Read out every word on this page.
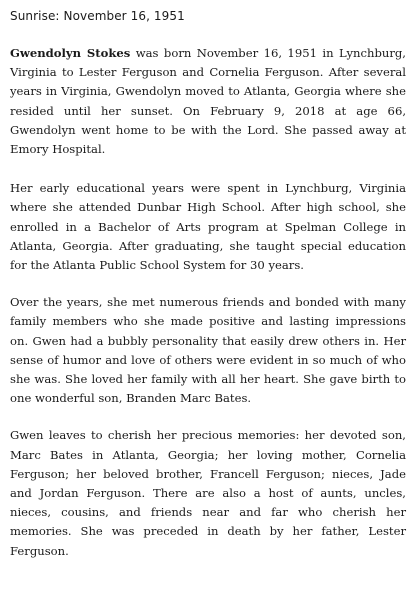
Sunrise: November 16, 1951

Gwendolyn Stokes was born November 16, 1951 in Lynchburg, Virginia to Lester Ferguson and Cornelia Ferguson. After several years in Virginia, Gwendolyn moved to Atlanta, Georgia where she resided until her sunset. On February 9, 2018 at age 66, Gwendolyn went home to be with the Lord. She passed away at Emory Hospital.

Her early educational years were spent in Lynchburg, Virginia where she attended Dunbar High School. After high school, she enrolled in a Bachelor of Arts program at Spelman College in Atlanta, Georgia. After graduating, she taught special education for the Atlanta Public School System for 30 years.

Over the years, she met numerous friends and bonded with many family members who she made positive and lasting impressions on. Gwen had a bubbly personality that easily drew others in. Her sense of humor and love of others were evident in so much of who she was. She loved her family with all her heart. She gave birth to one wonderful son, Branden Marc Bates.

Gwen leaves to cherish her precious memories: her devoted son, Marc Bates in Atlanta, Georgia; her loving mother, Cornelia Ferguson; her beloved brother, Francell Ferguson; nieces, Jade and Jordan Ferguson. There are also a host of aunts, uncles, nieces, cousins, and friends near and far who cherish her memories. She was preceded in death by her father, Lester Ferguson.
